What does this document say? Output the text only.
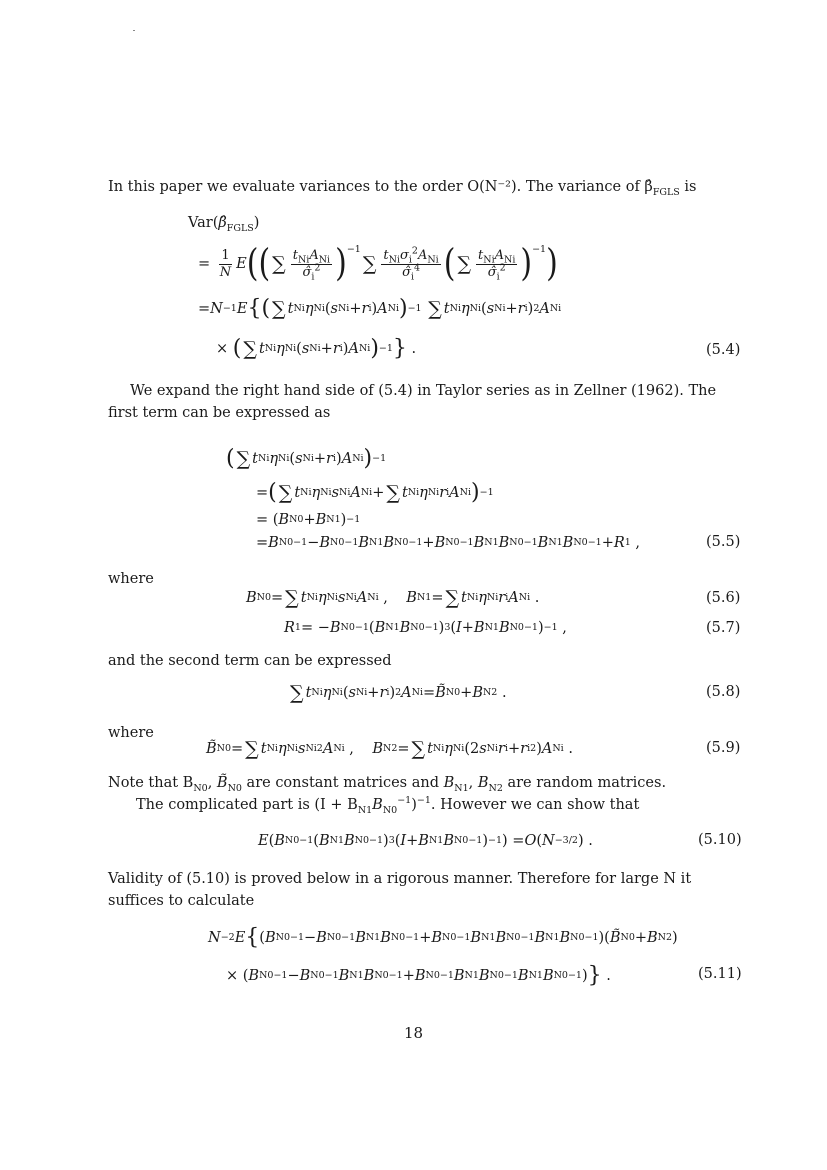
In this paper we evaluate variances to the order O(N⁻²). The variance of $\betâ_{FGLS}$ is
$Var(\betâ_{FGLS})$
= $\frac{1}{N}$ E ( ( ∑ $\frac{t_{Ni}A_{Ni}}{\sigmâ_i^2} )^{-1}$
∑ $\frac{t_{Ni}\sigma_i^2A_{Ni}}{\sigmâ_i^4}$ ( ∑ $\frac{t_{Ni}A_{Ni}}{\sigmâ_i^2} )^{-1}$ )
= N −1 E { ( ∑ t Ni η Ni ( s Ni + r i ) A Ni ) −1
∑ t Ni η Ni ( s Ni + r i ) 2 A Ni
× ( ∑ t Ni η Ni ( s Ni + r i ) A Ni ) −1 } .	(5.4)
We expand the right hand side of (5.4) in Taylor series as in Zellner (1962). The first term can be expressed as
( ∑ t Ni η Ni ( s Ni + r i ) A Ni ) −1
= ( ∑ t Ni η Ni s Ni A Ni + ∑ t Ni η Ni r i A Ni ) −1
= ( B N0 + B N1 ) −1
= B N0 −1 − B N0 −1 B N1 B N0 −1 + B N0 −1 B N1 B N0 −1 B N1 B N0 −1 + R 1 ,	(5.5)
where
B N0 = ∑ t Ni η Ni s Ni A Ni , B N1 = ∑ t Ni η Ni r i A Ni .	(5.6)
R 1 = − B N0 −1 ( B N1 B N0 −1 ) 3 ( I + B N1 B N0 −1 ) −1 ,	(5.7)
and the second term can be expressed
∑ t Ni η Ni ( s Ni + r i ) 2 A Ni = B̃ N0 + B N2 .	(5.8)
where
B̃ N0 = ∑ t Ni η Ni s Ni 2 A Ni , B N2 = ∑ t Ni η Ni (2 s Ni r i + r i 2 ) A Ni .	(5.9)
Note that $B_{N0}$, $B̃_{N0}$ are constant matrices and $B_{N1}$, $B_{N2}$ are random matrices.
The complicated part is $(I + B_{N1}B_{N0}^{-1})^{-1}$. However we can show that
E ( B N0 −1 ( B N1 B N0 −1 ) 3 ( I + B N1 B N0 −1 ) −1 ) = O ( N −3/2 ) .	(5.10)
Validity of (5.10) is proved below in a rigorous manner. Therefore for large N it suffices to calculate
N −2 E { ( B N0 −1 − B N0 −1 B N1 B N0 −1 + B N0 −1 B N1 B N0 −1 B N1 B N0 −1 )( B̃ N0 + B N2 )
× ( B N0 −1 − B N0 −1 B N1 B N0 −1 + B N0 −1 B N1 B N0 −1 B N1 B N0 −1 ) } .	(5.11)
18
